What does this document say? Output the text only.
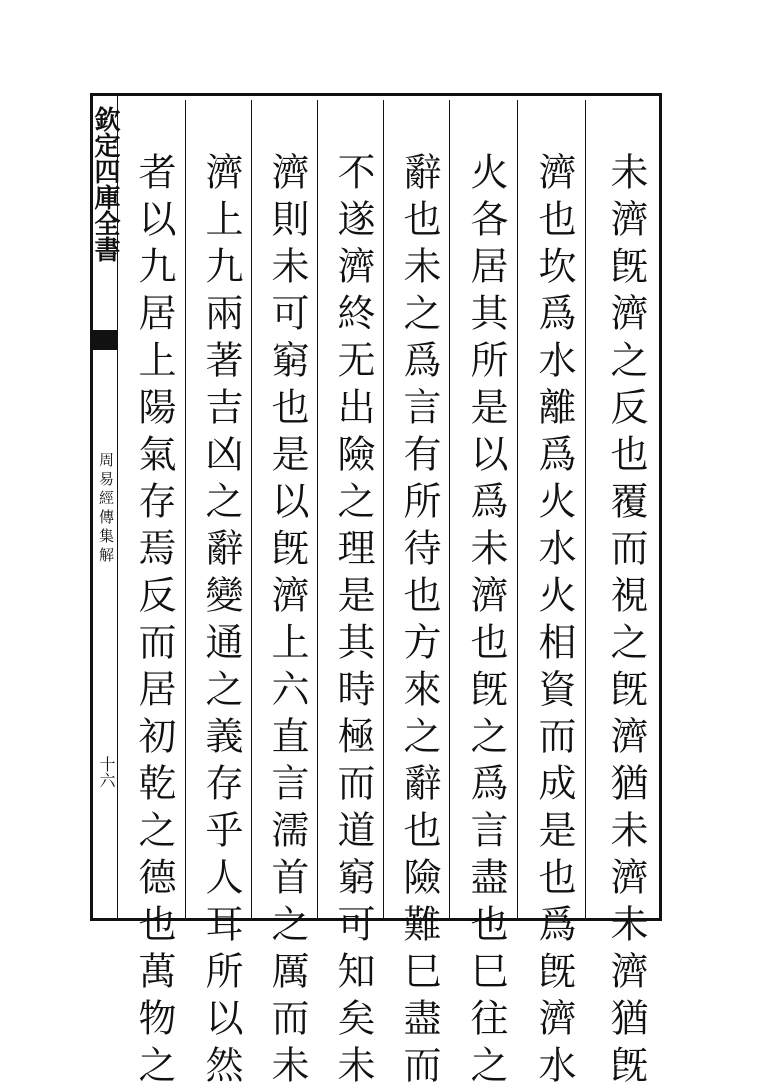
欽定四庫全書
周易經傳集解
十六	未濟旣濟之反也覆而視之旣濟猶未濟未濟猶旣
濟也坎爲水離爲火水火相資而成是也爲旣濟水
火各居其所是以爲未濟也旣之爲言盡也巳往之
辭也未之爲言有所待也方來之辭也險難巳盡而
不遂濟終无出險之理是其時極而道窮可知矣未
濟則未可窮也是以旣濟上六直言濡首之厲而未
濟上九兩著吉凶之辭變通之義存乎人耳所以然
者以九居上陽氣存焉反而居初乾之德也萬物之
